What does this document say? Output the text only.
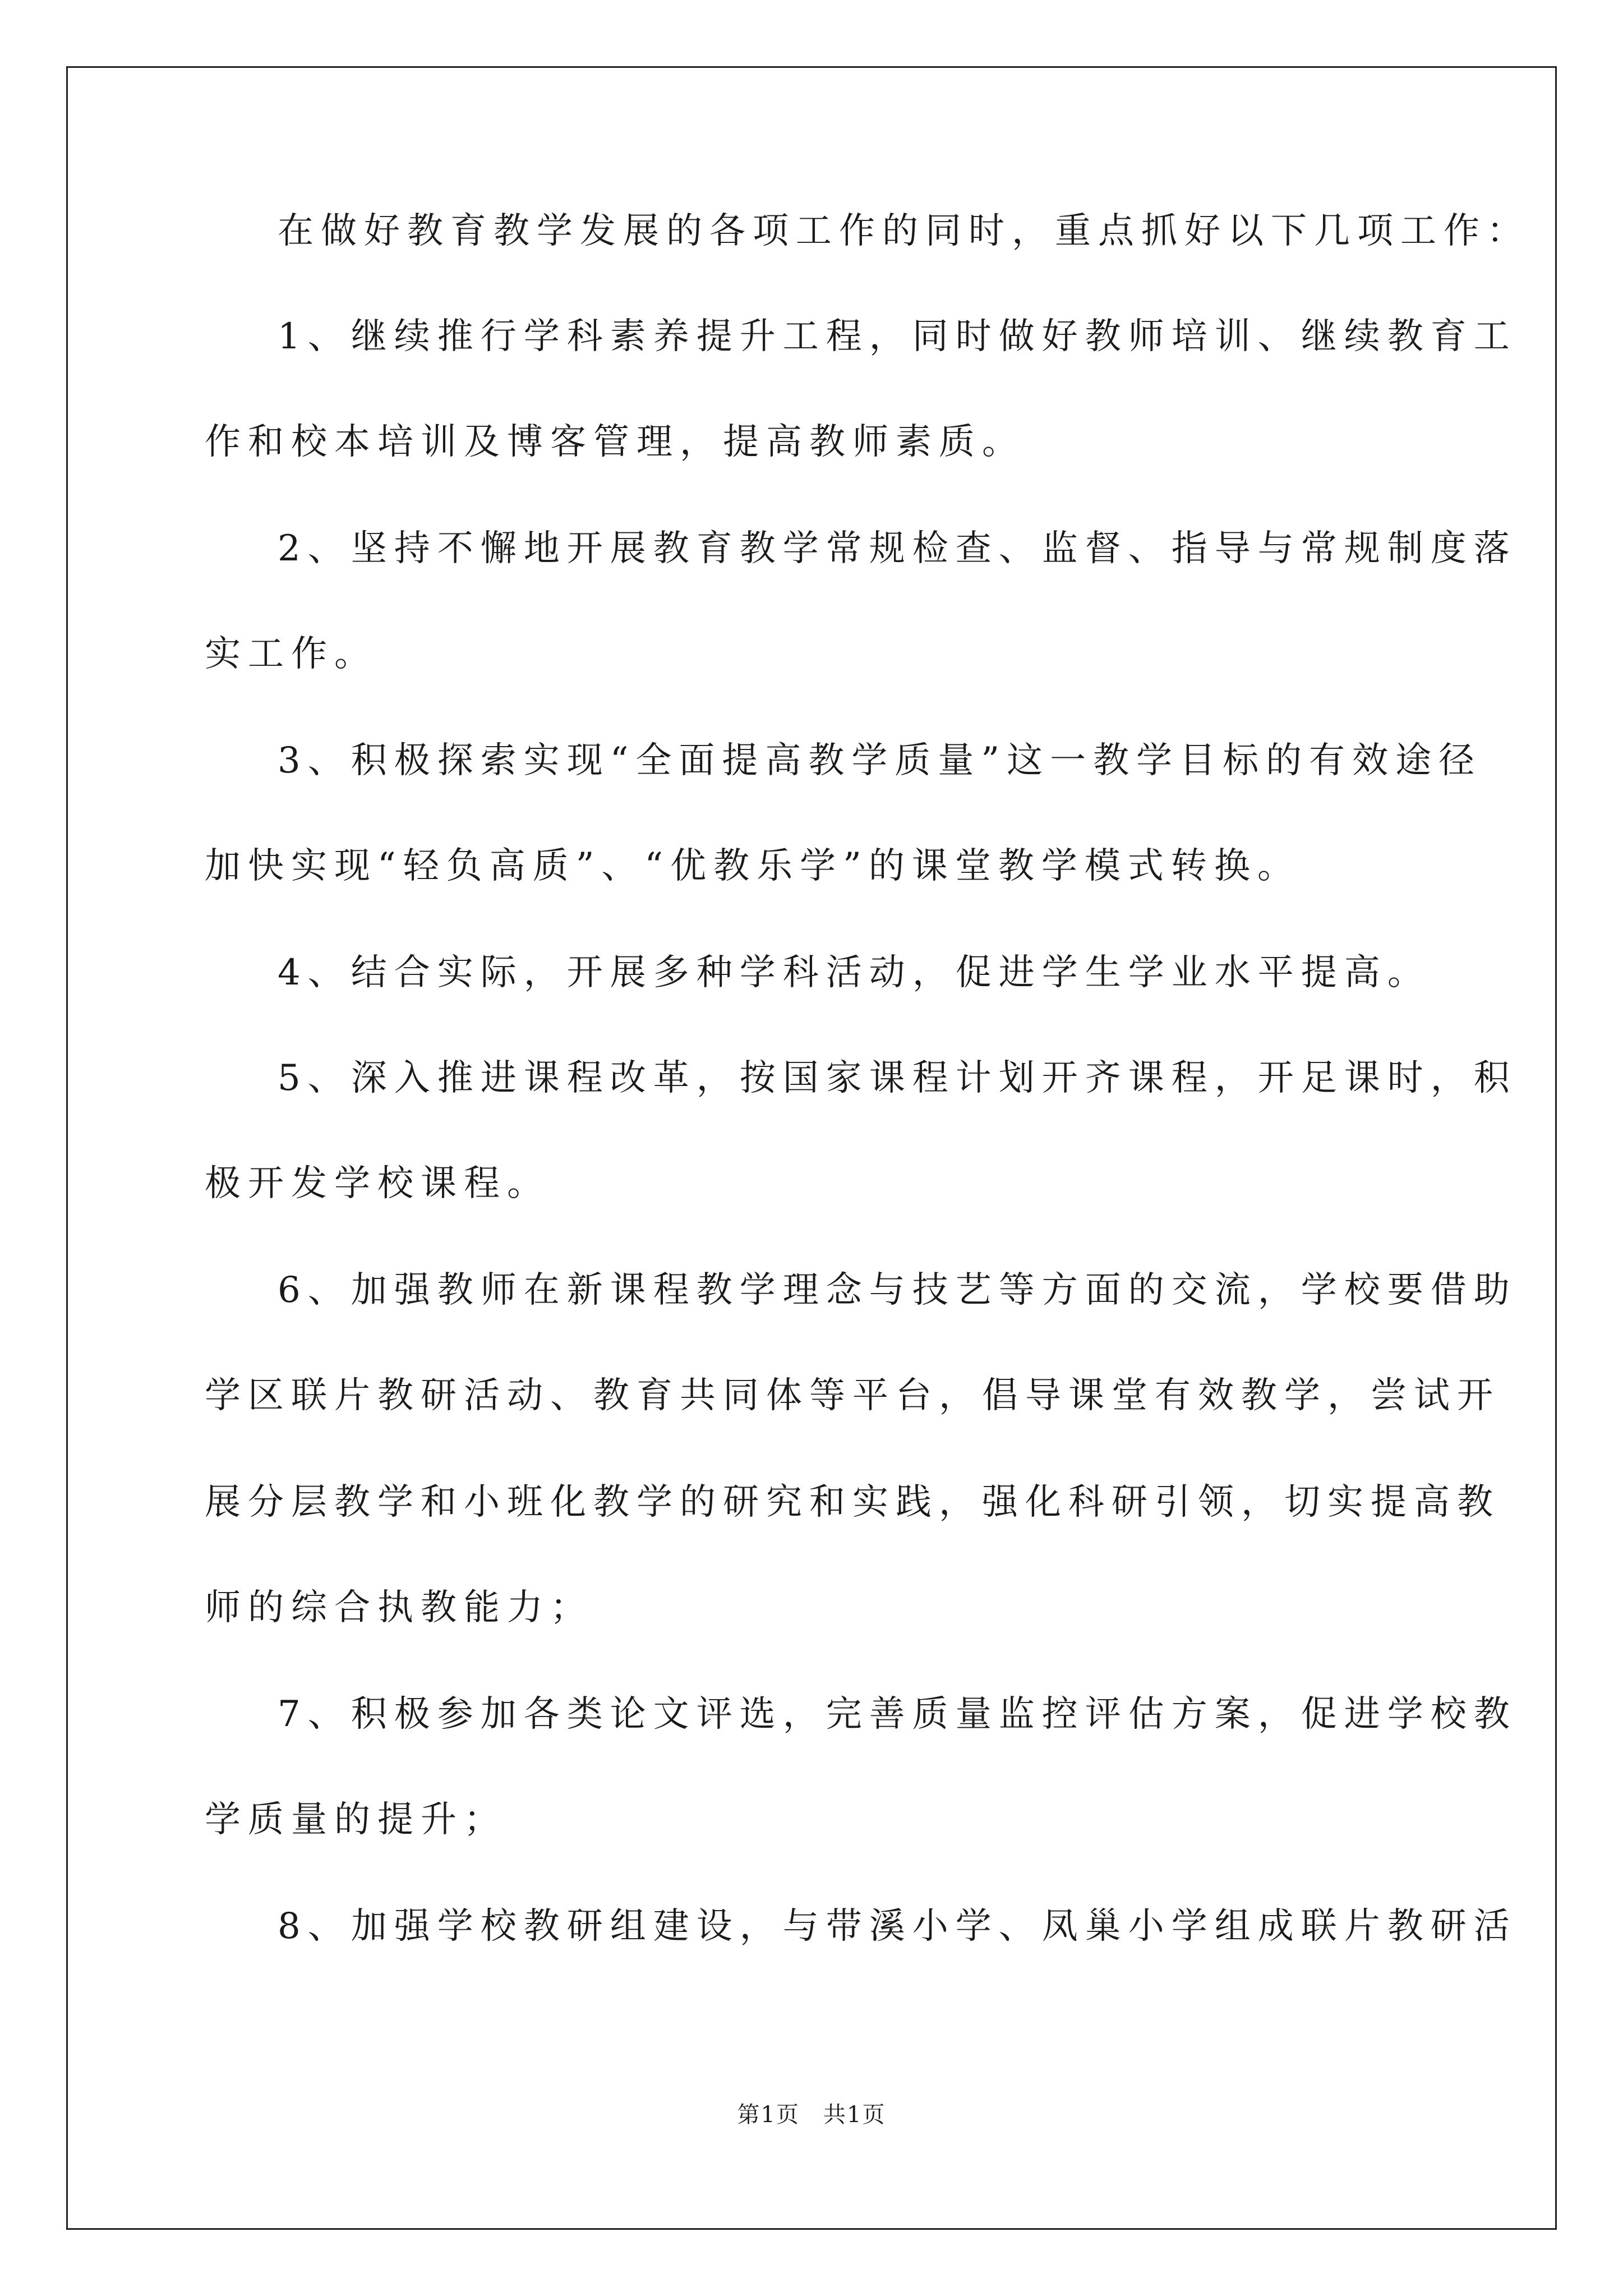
在做好教育教学发展的各项工作的同时，重点抓好以下几项工作：
1、继续推行学科素养提升工程，同时做好教师培训、继续教育工
作和校本培训及博客管理，提高教师素质。
2、坚持不懈地开展教育教学常规检查、监督、指导与常规制度落
实工作。
3、积极探索实现“全面提高教学质量”这一教学目标的有效途径
加快实现“轻负高质”、“优教乐学”的课堂教学模式转换。
4、结合实际，开展多种学科活动，促进学生学业水平提高。
5、深入推进课程改革，按国家课程计划开齐课程，开足课时，积
极开发学校课程。
6、加强教师在新课程教学理念与技艺等方面的交流，学校要借助
学区联片教研活动、教育共同体等平台，倡导课堂有效教学，尝试开
展分层教学和小班化教学的研究和实践，强化科研引领，切实提高教
师的综合执教能力；
7、积极参加各类论文评选，完善质量监控评估方案，促进学校教
学质量的提升；
8、加强学校教研组建设，与带溪小学、凤巢小学组成联片教研活
第1页　共1页
